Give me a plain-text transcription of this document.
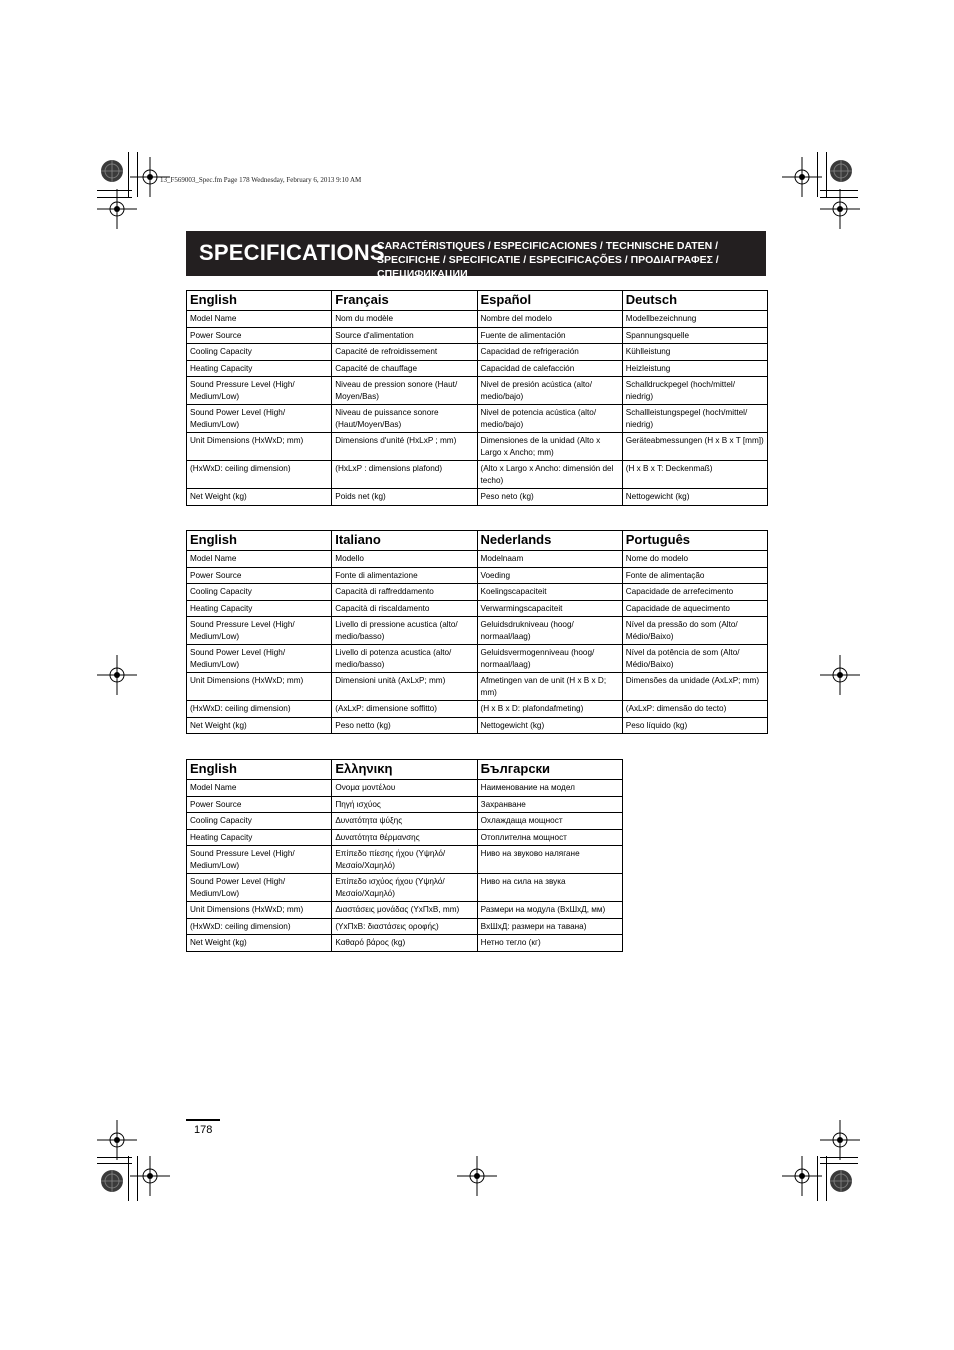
13_F569003_Spec.fm Page 178 Wednesday, February 6, 2013 9:10 AM
SPECIFICATIONS
CARACTÉRISTIQUES / ESPECIFICACIONES / TECHNISCHE DATEN / SPECIFICHE / SPECIFICATIE / ESPECIFICAÇÕES / ΠΡΟΔΙΑΓΡΑΦΕΣ / СПЕЦИФИКАЦИИ
English	Français	Español	Deutsch
Model Name	Nom du modèle	Nombre del modelo	Modellbezeichnung
Power Source	Source d'alimentation	Fuente de alimentación	Spannungsquelle
Cooling Capacity	Capacité de refroidissement	Capacidad de refrigeración	Kühlleistung
Heating Capacity	Capacité de chauffage	Capacidad de calefacción	Heizleistung
Sound Pressure Level (High/ Medium/Low)	Niveau de pression sonore (Haut/ Moyen/Bas)	Nivel de presión acústica (alto/ medio/bajo)	Schalldruckpegel (hoch/mittel/ niedrig)
Sound Power Level (High/ Medium/Low)	Niveau de puissance sonore (Haut/Moyen/Bas)	Nivel de potencia acústica (alto/ medio/bajo)	Schallleistungspegel (hoch/mittel/ niedrig)
Unit Dimensions (HxWxD; mm)	Dimensions d'unité (HxLxP ; mm)	Dimensiones de la unidad (Alto x Largo x Ancho; mm)	Geräteabmessungen (H x B x T [mm])
(HxWxD: ceiling dimension)	(HxLxP : dimensions plafond)	(Alto x Largo x Ancho: dimensión del techo)	(H x B x T: Deckenmaß)
Net Weight (kg)	Poids net (kg)	Peso neto (kg)	Nettogewicht (kg)
English	Italiano	Nederlands	Português
Model Name	Modello	Modelnaam	Nome do modelo
Power Source	Fonte di alimentazione	Voeding	Fonte de alimentação
Cooling Capacity	Capacità di raffreddamento	Koelingscapaciteit	Capacidade de arrefecimento
Heating Capacity	Capacità di riscaldamento	Verwarmingscapaciteit	Capacidade de aquecimento
Sound Pressure Level (High/ Medium/Low)	Livello di pressione acustica (alto/ medio/basso)	Geluidsdrukniveau (hoog/ normaal/laag)	Nível da pressão do som (Alto/ Médio/Baixo)
Sound Power Level (High/ Medium/Low)	Livello di potenza acustica (alto/ medio/basso)	Geluidsvermogenniveau (hoog/ normaal/laag)	Nível da potência de som (Alto/ Médio/Baixo)
Unit Dimensions (HxWxD; mm)	Dimensioni unità (AxLxP; mm)	Afmetingen van de unit (H x B x D; mm)	Dimensões da unidade (AxLxP; mm)
(HxWxD: ceiling dimension)	(AxLxP: dimensione soffitto)	(H x B x D: plafondafmeting)	(AxLxP: dimensão do tecto)
Net Weight (kg)	Peso netto (kg)	Nettogewicht (kg)	Peso líquido (kg)
English	Ελληνικη	Български
Model Name	Ονομα μοντέλου	Наименование на модел
Power Source	Πηγή ισχύος	Захранване
Cooling Capacity	Δυνατότητα ψύξης	Охлаждаща мощност
Heating Capacity	Δυνατότητα θέρμανσης	Отоплителна мощност
Sound Pressure Level (High/ Medium/Low)	Επίπεδο πίεσης ήχου (Υψηλό/ Μεσαίο/Χαμηλό)	Ниво на звуково налягане
Sound Power Level (High/ Medium/Low)	Επίπεδο ισχύος ήχου (Υψηλό/ Μεσαίο/Χαμηλό)	Ниво на сила на звука
Unit Dimensions (HxWxD; mm)	Διαστάσεις μονάδας (ΥxΠxΒ, mm)	Размери на модула (ВxШxД, мм)
(HxWxD: ceiling dimension)	(ΥxΠxΒ: διαστάσεις οροφής)	ВxШxД: размери на тавана)
Net Weight (kg)	Καθαρό βάρος (kg)	Нетно тегло (кг)
178
